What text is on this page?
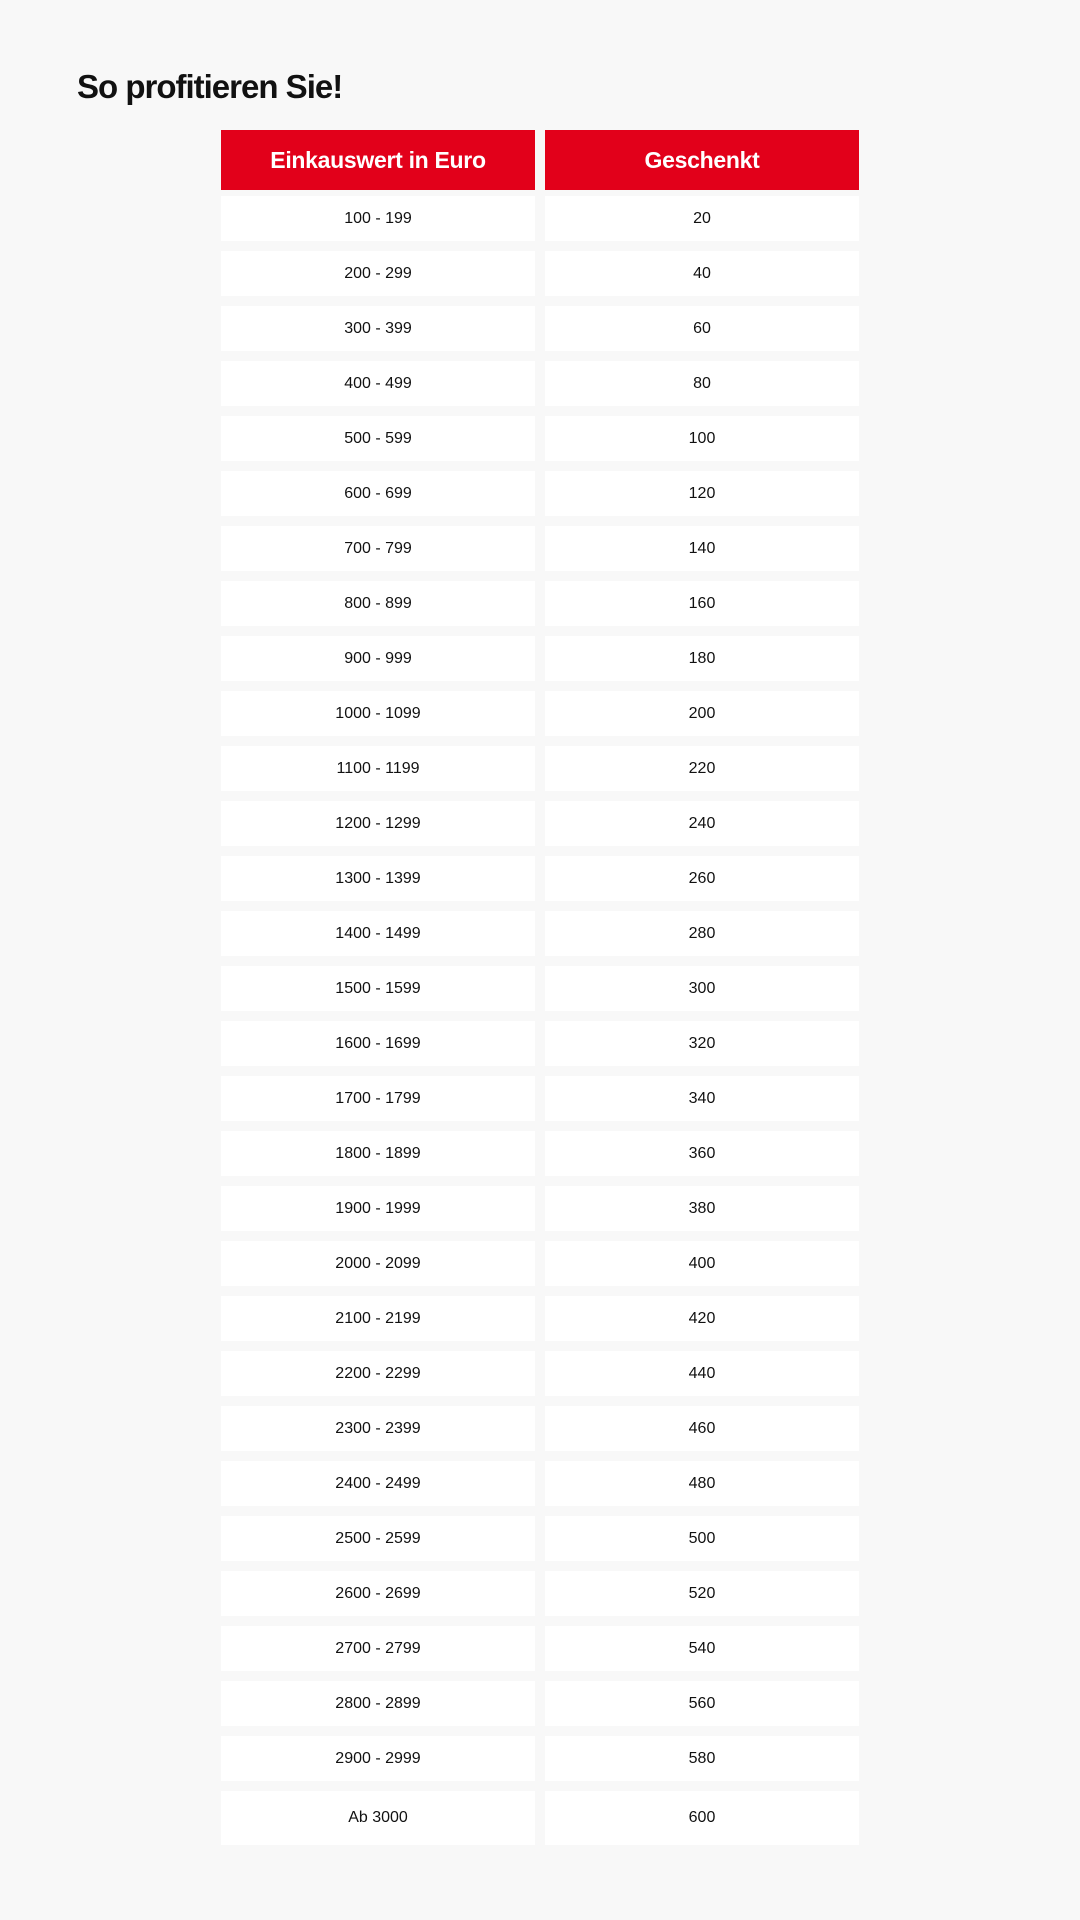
So profitieren Sie!
Einkauswert in Euro	Geschenkt
100 - 199	20
200 - 299	40
300 - 399	60
400 - 499	80
500 - 599	100
600 - 699	120
700 - 799	140
800 - 899	160
900 - 999	180
1000 - 1099	200
1100 - 1199	220
1200 - 1299	240
1300 - 1399	260
1400 - 1499	280
1500 - 1599	300
1600 - 1699	320
1700 - 1799	340
1800 - 1899	360
1900 - 1999	380
2000 - 2099	400
2100 - 2199	420
2200 - 2299	440
2300 - 2399	460
2400 - 2499	480
2500 - 2599	500
2600 - 2699	520
2700 - 2799	540
2800 - 2899	560
2900 - 2999	580
Ab 3000	600
